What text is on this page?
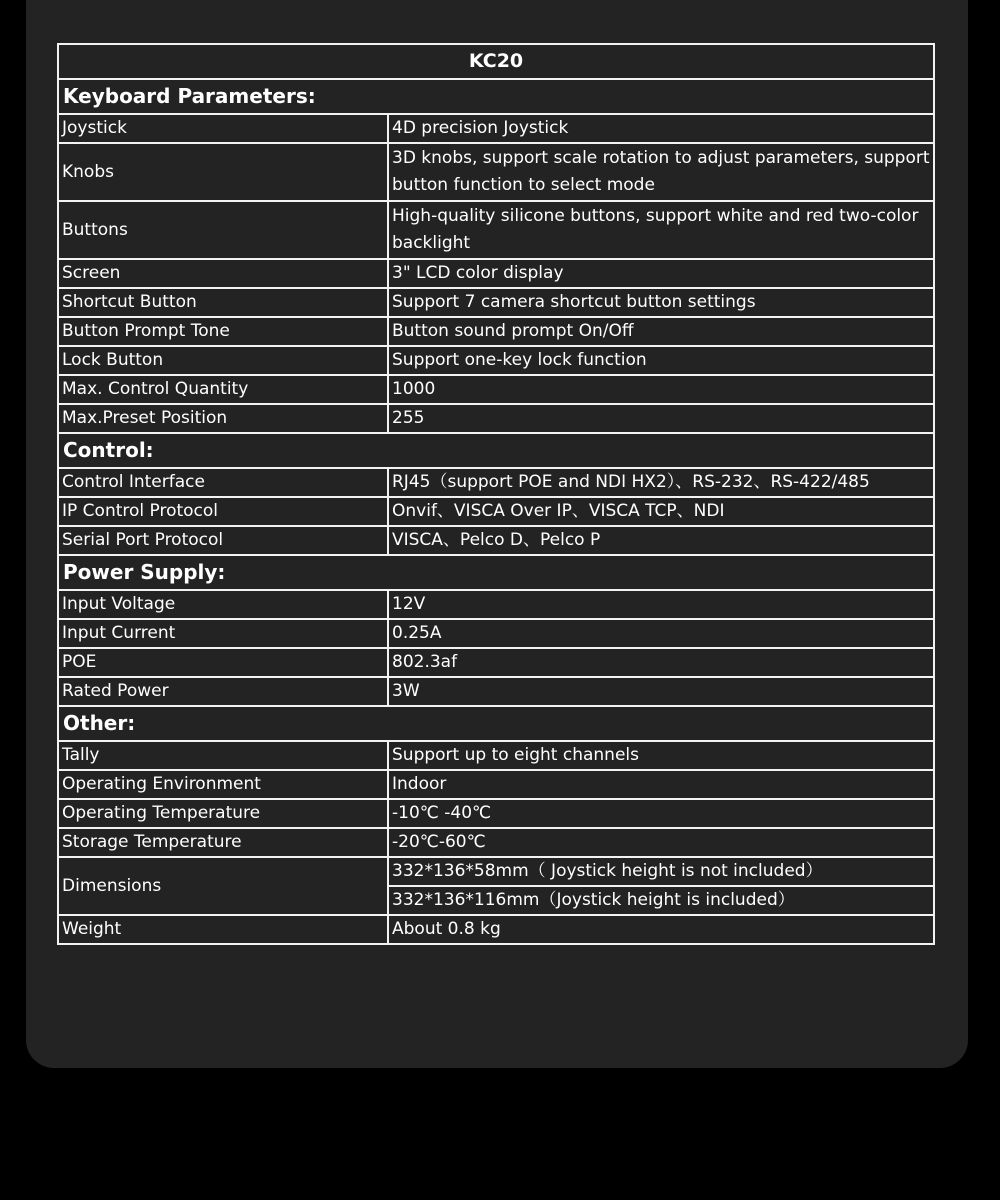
KC20	
Keyboard Parameters:	
Joystick	4D precision Joystick
Knobs	3D knobs, support scale rotation to adjust parameters, support button function to select mode
Buttons	High-quality silicone buttons, support white and red two-color backlight
Screen	3" LCD color display
Shortcut Button	Support 7 camera shortcut button settings
Button Prompt Tone	Button sound prompt On/Off
Lock Button	Support one-key lock function
Max. Control Quantity	1000
Max.Preset Position	255
Control:	
Control Interface	RJ45（support POE and NDI HX2）、RS-232、RS-422/485
IP Control Protocol	Onvif、VISCA Over IP、VISCA TCP、NDI
Serial Port Protocol	VISCA、Pelco D、Pelco P
Power Supply:	
Input Voltage	12V
Input Current	0.25A
POE	802.3af
Rated Power	3W
Other:	
Tally	Support up to eight channels
Operating Environment	Indoor
Operating Temperature	-10℃ -40℃
Storage Temperature	-20℃-60℃
Dimensions	332*136*58mm（ Joystick height is not included）
	332*136*116mm（Joystick height is included）
Weight	About 0.8 kg
